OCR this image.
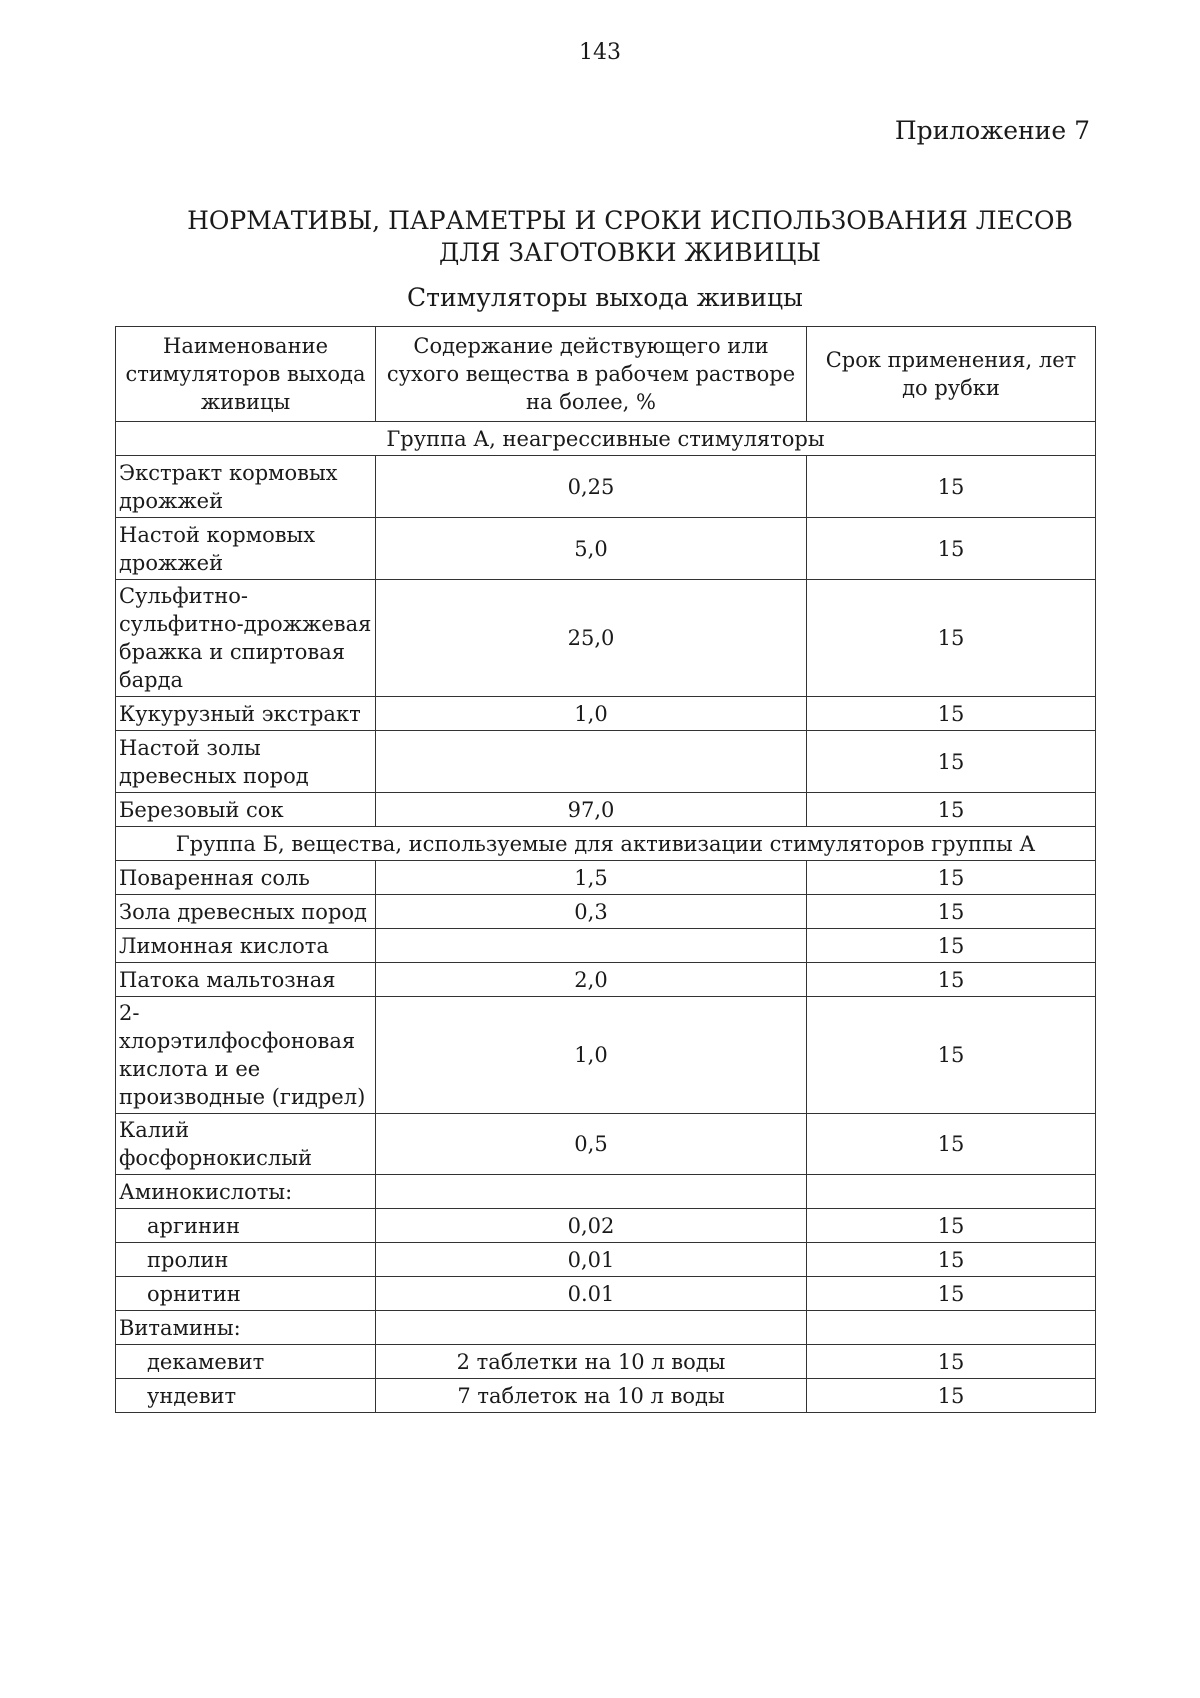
143
Приложение 7
НОРМАТИВЫ, ПАРАМЕТРЫ И СРОКИ ИСПОЛЬЗОВАНИЯ ЛЕСОВ
ДЛЯ ЗАГОТОВКИ ЖИВИЦЫ
Стимуляторы выхода живицы
Наименование стимуляторов выхода живицы	Содержание действующего или сухого вещества в рабочем растворе на более, %	Срок применения, лет до рубки
Группа А, неагрессивные стимуляторы		
Экстракт кормовых дрожжей	0,25	15
Настой кормовых дрожжей	5,0	15
Сульфитно-сульфитно-дрожжевая бражка и спиртовая барда	25,0	15
Кукурузный экстракт	1,0	15
Настой золы древесных пород		15
Березовый сок	97,0	15
Группа Б, вещества, используемые для активизации стимуляторов группы А		
Поваренная соль	1,5	15
Зола древесных пород	0,3	15
Лимонная кислота		15
Патока мальтозная	2,0	15
2-хлорэтилфосфоновая кислота и ее производные (гидрел)	1,0	15
Калий фосфорнокислый	0,5	15
Аминокислоты:		
аргинин	0,02	15
пролин	0,01	15
орнитин	0.01	15
Витамины:		
декамевит	2 таблетки на 10 л воды	15
ундевит	7 таблеток на 10 л воды	15
